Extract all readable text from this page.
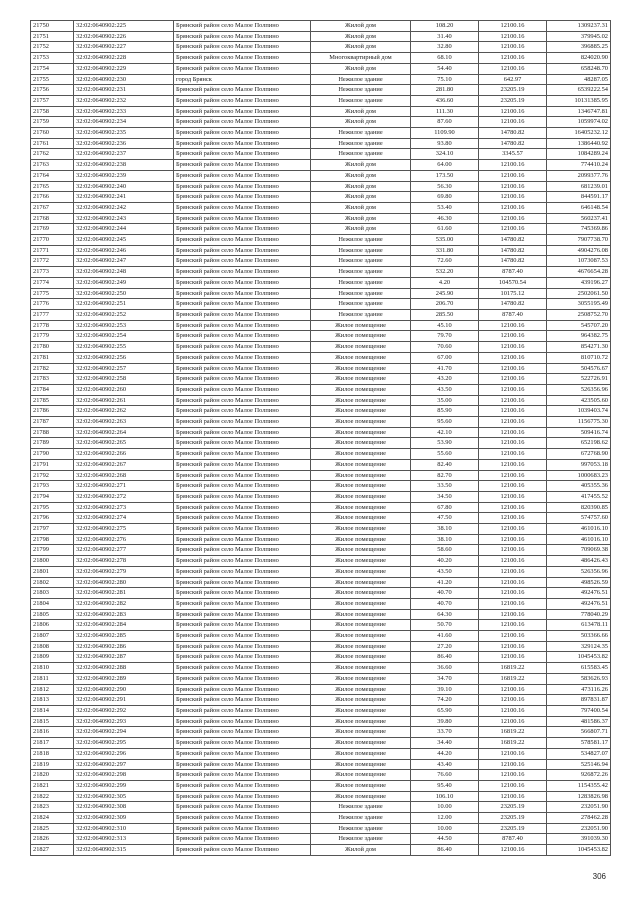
21750	32:02:0640902:225	Брянский район село Малое Полпино	Жилой дом	108.20	12100.16	1309237.31
21751	32:02:0640902:226	Брянский район село Малое Полпино	Жилой дом	31.40	12100.16	379945.02
21752	32:02:0640902:227	Брянский район село Малое Полпино	Жилой дом	32.80	12100.16	396885.25
21753	32:02:0640902:228	Брянский район село Малое Полпино	Многоквартирный дом	68.10	12100.16	824020.90
21754	32:02:0640902:229	Брянский район село Малое Полпино	Жилой дом	54.40	12100.16	658248.70
21755	32:02:0640902:230	город Брянск	Нежилое здание	75.10	642.97	48287.05
21756	32:02:0640902:231	Брянский район село Малое Полпино	Нежилое здание	281.80	23205.19	6539222.54
21757	32:02:0640902:232	Брянский район село Малое Полпино	Нежилое здание	436.60	23205.19	10131385.95
21758	32:02:0640902:233	Брянский район село Малое Полпино	Жилой дом	111.30	12100.16	1346747.81
21759	32:02:0640902:234	Брянский район село Малое Полпино	Жилой дом	87.60	12100.16	1059974.02
21760	32:02:0640902:235	Брянский район село Малое Полпино	Нежилое здание	1109.90	14780.82	16405232.12
21761	32:02:0640902:236	Брянский район село Малое Полпино	Нежилое здание	93.80	14780.82	1386440.92
21762	32:02:0640902:237	Брянский район село Малое Полпино	Нежилое здание	324.10	3345.57	1084289.24
21763	32:02:0640902:238	Брянский район село Малое Полпино	Жилой дом	64.00	12100.16	774410.24
21764	32:02:0640902:239	Брянский район село Малое Полпино	Жилой дом	173.50	12100.16	2099377.76
21765	32:02:0640902:240	Брянский район село Малое Полпино	Жилой дом	56.30	12100.16	681239.01
21766	32:02:0640902:241	Брянский район село Малое Полпино	Жилой дом	69.80	12100.16	844591.17
21767	32:02:0640902:242	Брянский район село Малое Полпино	Жилой дом	53.40	12100.16	646148.54
21768	32:02:0640902:243	Брянский район село Малое Полпино	Жилой дом	46.30	12100.16	560237.41
21769	32:02:0640902:244	Брянский район село Малое Полпино	Жилой дом	61.60	12100.16	745369.86
21770	32:02:0640902:245	Брянский район село Малое Полпино	Нежилое здание	535.00	14780.82	7907738.70
21771	32:02:0640902:246	Брянский район село Малое Полпино	Нежилое здание	331.80	14780.82	4904276.08
21772	32:02:0640902:247	Брянский район село Малое Полпино	Нежилое здание	72.60	14780.82	1073087.53
21773	32:02:0640902:248	Брянский район село Малое Полпино	Нежилое здание	532.20	8787.40	4676654.28
21774	32:02:0640902:249	Брянский район село Малое Полпино	Нежилое здание	4.20	104570.54	439196.27
21775	32:02:0640902:250	Брянский район село Малое Полпино	Нежилое здание	245.90	10175.12	2502061.50
21776	32:02:0640902:251	Брянский район село Малое Полпино	Нежилое здание	206.70	14780.82	3055195.49
21777	32:02:0640902:252	Брянский район село Малое Полпино	Нежилое здание	285.50	8787.40	2508752.70
21778	32:02:0640902:253	Брянский район село Малое Полпино	Жилое помещение	45.10	12100.16	545707.20
21779	32:02:0640902:254	Брянский район село Малое Полпино	Жилое помещение	79.70	12100.16	964382.75
21780	32:02:0640902:255	Брянский район село Малое Полпино	Жилое помещение	70.60	12100.16	854271.30
21781	32:02:0640902:256	Брянский район село Малое Полпино	Жилое помещение	67.00	12100.16	810710.72
21782	32:02:0640902:257	Брянский район село Малое Полпино	Жилое помещение	41.70	12100.16	504576.67
21783	32:02:0640902:258	Брянский район село Малое Полпино	Жилое помещение	43.20	12100.16	522726.91
21784	32:02:0640902:260	Брянский район село Малое Полпино	Жилое помещение	43.50	12100.16	526356.96
21785	32:02:0640902:261	Брянский район село Малое Полпино	Жилое помещение	35.00	12100.16	423505.60
21786	32:02:0640902:262	Брянский район село Малое Полпино	Жилое помещение	85.90	12100.16	1039403.74
21787	32:02:0640902:263	Брянский район село Малое Полпино	Жилое помещение	95.60	12100.16	1156775.30
21788	32:02:0640902:264	Брянский район село Малое Полпино	Жилое помещение	42.10	12100.16	509416.74
21789	32:02:0640902:265	Брянский район село Малое Полпино	Жилое помещение	53.90	12100.16	652198.62
21790	32:02:0640902:266	Брянский район село Малое Полпино	Жилое помещение	55.60	12100.16	672768.90
21791	32:02:0640902:267	Брянский район село Малое Полпино	Жилое помещение	82.40	12100.16	997053.18
21792	32:02:0640902:268	Брянский район село Малое Полпино	Жилое помещение	82.70	12100.16	1000683.23
21793	32:02:0640902:271	Брянский район село Малое Полпино	Жилое помещение	33.50	12100.16	405355.36
21794	32:02:0640902:272	Брянский район село Малое Полпино	Жилое помещение	34.50	12100.16	417455.52
21795	32:02:0640902:273	Брянский район село Малое Полпино	Жилое помещение	67.80	12100.16	820390.85
21796	32:02:0640902:274	Брянский район село Малое Полпино	Жилое помещение	47.50	12100.16	574757.60
21797	32:02:0640902:275	Брянский район село Малое Полпино	Жилое помещение	38.10	12100.16	461016.10
21798	32:02:0640902:276	Брянский район село Малое Полпино	Жилое помещение	38.10	12100.16	461016.10
21799	32:02:0640902:277	Брянский район село Малое Полпино	Жилое помещение	58.60	12100.16	709069.38
21800	32:02:0640902:278	Брянский район село Малое Полпино	Жилое помещение	40.20	12100.16	486426.43
21801	32:02:0640902:279	Брянский район село Малое Полпино	Жилое помещение	43.50	12100.16	526356.96
21802	32:02:0640902:280	Брянский район село Малое Полпино	Жилое помещение	41.20	12100.16	498526.59
21803	32:02:0640902:281	Брянский район село Малое Полпино	Жилое помещение	40.70	12100.16	492476.51
21804	32:02:0640902:282	Брянский район село Малое Полпино	Жилое помещение	40.70	12100.16	492476.51
21805	32:02:0640902:283	Брянский район село Малое Полпино	Жилое помещение	64.30	12100.16	778040.29
21806	32:02:0640902:284	Брянский район село Малое Полпино	Жилое помещение	50.70	12100.16	613478.11
21807	32:02:0640902:285	Брянский район село Малое Полпино	Жилое помещение	41.60	12100.16	503366.66
21808	32:02:0640902:286	Брянский район село Малое Полпино	Жилое помещение	27.20	12100.16	329124.35
21809	32:02:0640902:287	Брянский район село Малое Полпино	Жилое помещение	86.40	12100.16	1045453.82
21810	32:02:0640902:288	Брянский район село Малое Полпино	Жилое помещение	36.60	16819.22	615583.45
21811	32:02:0640902:289	Брянский район село Малое Полпино	Жилое помещение	34.70	16819.22	583626.93
21812	32:02:0640902:290	Брянский район село Малое Полпино	Жилое помещение	39.10	12100.16	473116.26
21813	32:02:0640902:291	Брянский район село Малое Полпино	Жилое помещение	74.20	12100.16	897831.87
21814	32:02:0640902:292	Брянский район село Малое Полпино	Жилое помещение	65.90	12100.16	797400.54
21815	32:02:0640902:293	Брянский район село Малое Полпино	Жилое помещение	39.80	12100.16	481586.37
21816	32:02:0640902:294	Брянский район село Малое Полпино	Жилое помещение	33.70	16819.22	566807.71
21817	32:02:0640902:295	Брянский район село Малое Полпино	Жилое помещение	34.40	16819.22	578581.17
21818	32:02:0640902:296	Брянский район село Малое Полпино	Жилое помещение	44.20	12100.16	534827.07
21819	32:02:0640902:297	Брянский район село Малое Полпино	Жилое помещение	43.40	12100.16	525146.94
21820	32:02:0640902:298	Брянский район село Малое Полпино	Жилое помещение	76.60	12100.16	926872.26
21821	32:02:0640902:299	Брянский район село Малое Полпино	Жилое помещение	95.40	12100.16	1154355.42
21822	32:02:0640902:305	Брянский район село Малое Полпино	Жилое помещение	106.10	12100.16	1283826.98
21823	32:02:0640902:308	Брянский район село Малое Полпино	Нежилое здание	10.00	23205.19	232051.90
21824	32:02:0640902:309	Брянский район село Малое Полпино	Нежилое здание	12.00	23205.19	278462.28
21825	32:02:0640902:310	Брянский район село Малое Полпино	Нежилое здание	10.00	23205.19	232051.90
21826	32:02:0640902:313	Брянский район село Малое Полпино	Нежилое здание	44.50	8787.40	391039.30
21827	32:02:0640902:315	Брянский район село Малое Полпино	Жилой дом	86.40	12100.16	1045453.82
306
